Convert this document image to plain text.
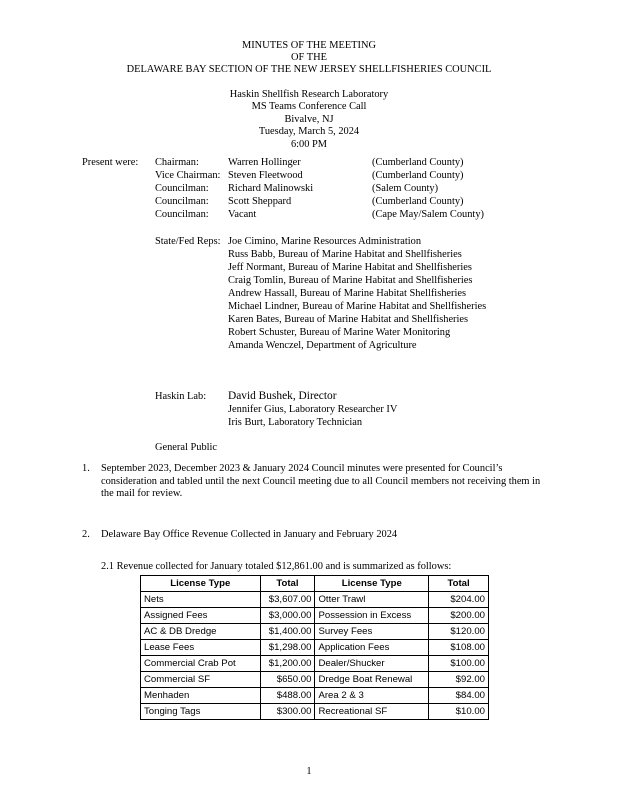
MINUTES OF THE MEETING
OF THE
DELAWARE BAY SECTION OF THE NEW JERSEY SHELLFISHERIES COUNCIL
Haskin Shellfish Research Laboratory
MS Teams Conference Call
Bivalve, NJ
Tuesday, March 5, 2024
6:00 PM
Present were: Chairman:	Warren Hollinger	(Cumberland County)
Vice Chairman: Steven Fleetwood	(Cumberland County)
Councilman: Richard Malinowski	(Salem County)
Councilman: Scott Sheppard	(Cumberland County)
Councilman: Vacant	(Cape May/Salem County)
State/Fed Reps: Joe Cimino, Marine Resources Administration
Russ Babb, Bureau of Marine Habitat and Shellfisheries
Jeff Normant, Bureau of Marine Habitat and Shellfisheries
Craig Tomlin, Bureau of Marine Habitat and Shellfisheries
Andrew Hassall, Bureau of Marine Habitat Shellfisheries
Michael Lindner, Bureau of Marine Habitat and Shellfisheries
Karen Bates, Bureau of Marine Habitat and Shellfisheries
Robert Schuster, Bureau of Marine Water Monitoring
Amanda Wenczel, Department of Agriculture
Haskin Lab: David Bushek, Director
Jennifer Gius, Laboratory Researcher IV
Iris Burt, Laboratory Technician
General Public
1. September 2023, December 2023 & January 2024 Council minutes were presented for Council’s consideration and tabled until the next Council meeting due to all Council members not receiving them in the mail for review.
2. Delaware Bay Office Revenue Collected in January and February 2024
2.1 Revenue collected for January totaled $12,861.00 and is summarized as follows:
License Type	Total	License Type	Total
Nets	$3,607.00	Otter Trawl	$204.00
Assigned Fees	$3,000.00	Possession in Excess	$200.00
AC & DB Dredge	$1,400.00	Survey Fees	$120.00
Lease Fees	$1,298.00	Application Fees	$108.00
Commercial Crab Pot	$1,200.00	Dealer/Shucker	$100.00
Commercial SF	$650.00	Dredge Boat Renewal	$92.00
Menhaden	$488.00	Area 2 & 3	$84.00
Tonging Tags	$300.00	Recreational SF	$10.00
1
